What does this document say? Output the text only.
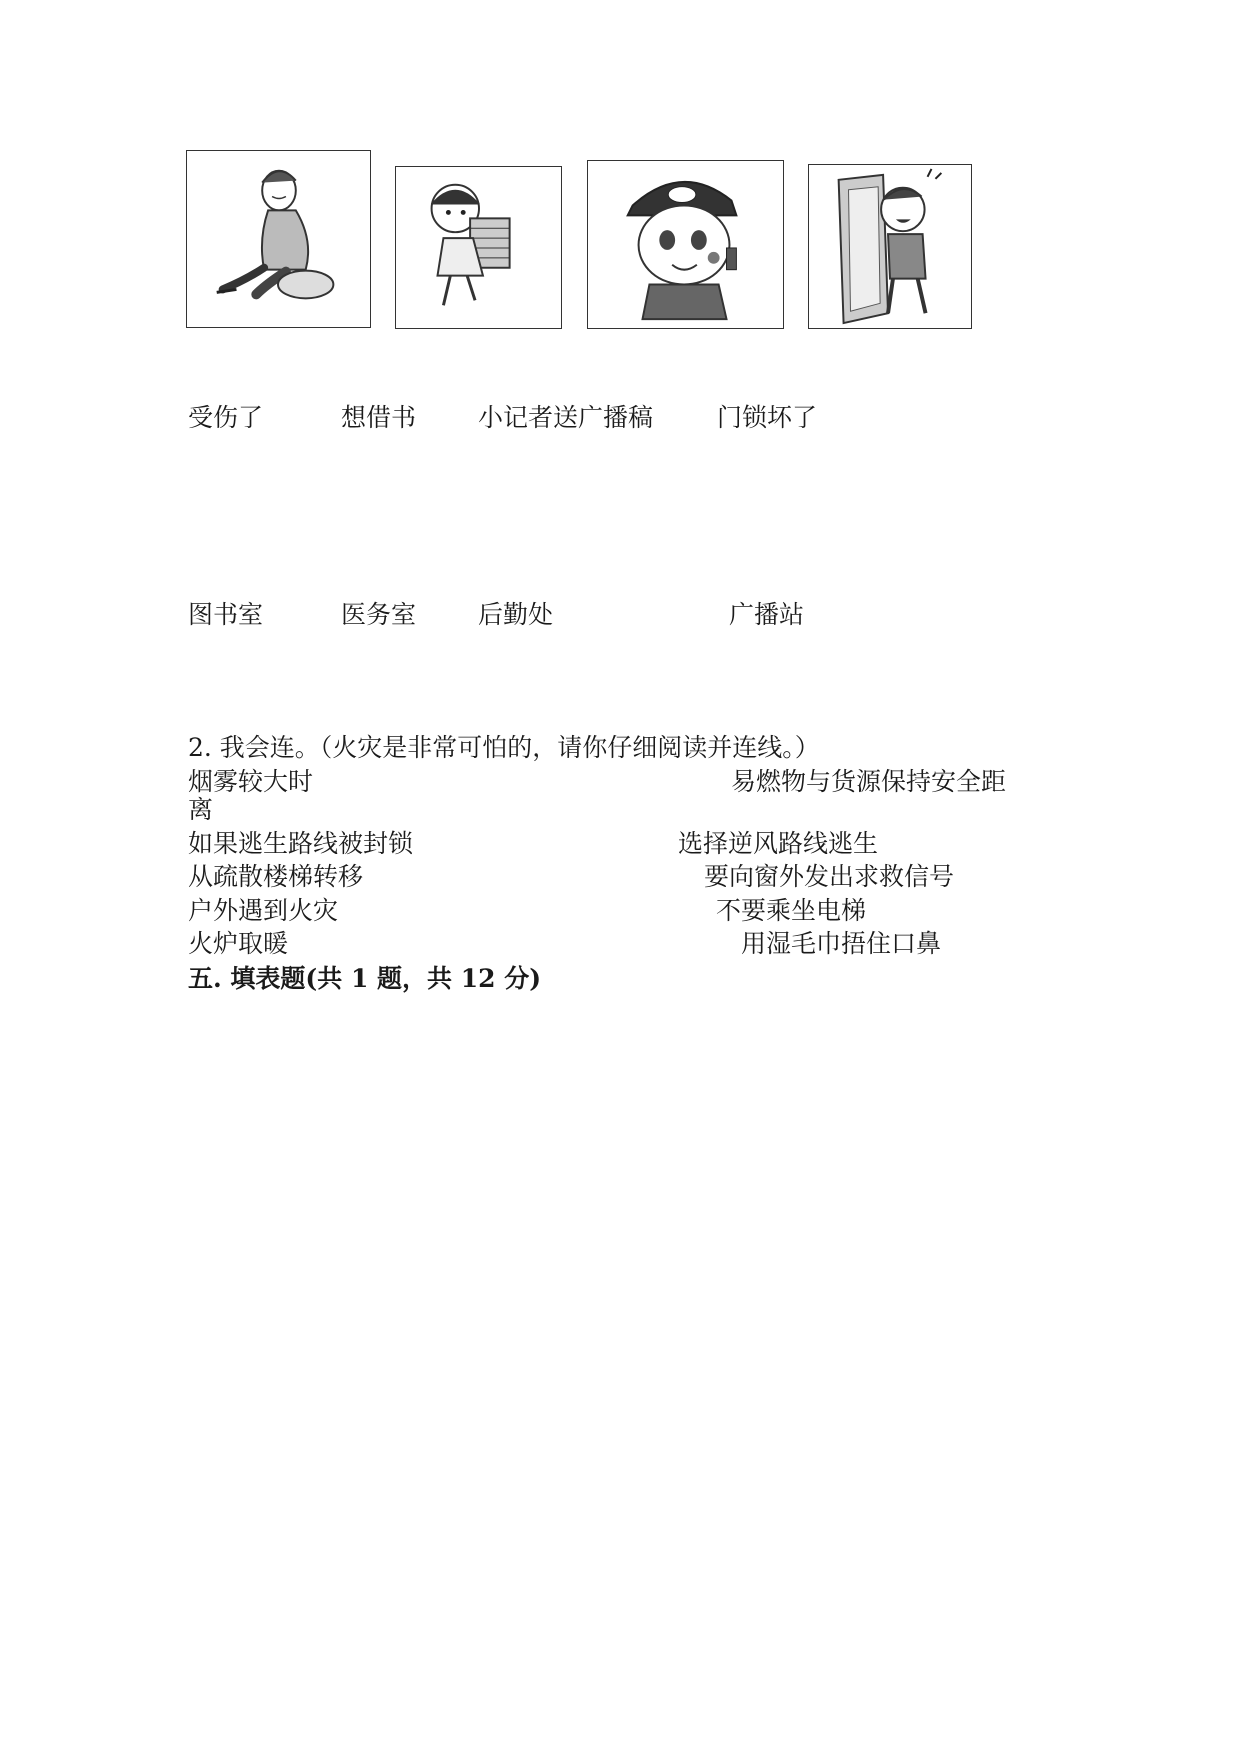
受伤了	想借书 小记者送广播稿	门锁坏了
图书室	医务室 后勤处	广播站
2. 我会连。（火灾是非常可怕的，请你仔细阅读并连线。）
烟雾较大时	易燃物与货源保持安全距
离
如果逃生路线被封锁	选择逆风路线逃生
从疏散楼梯转移	要向窗外发出求救信号
户外遇到火灾	不要乘坐电梯
火炉取暖	用湿毛巾捂住口鼻
五. 填表题(共 1 题，共 12 分)
